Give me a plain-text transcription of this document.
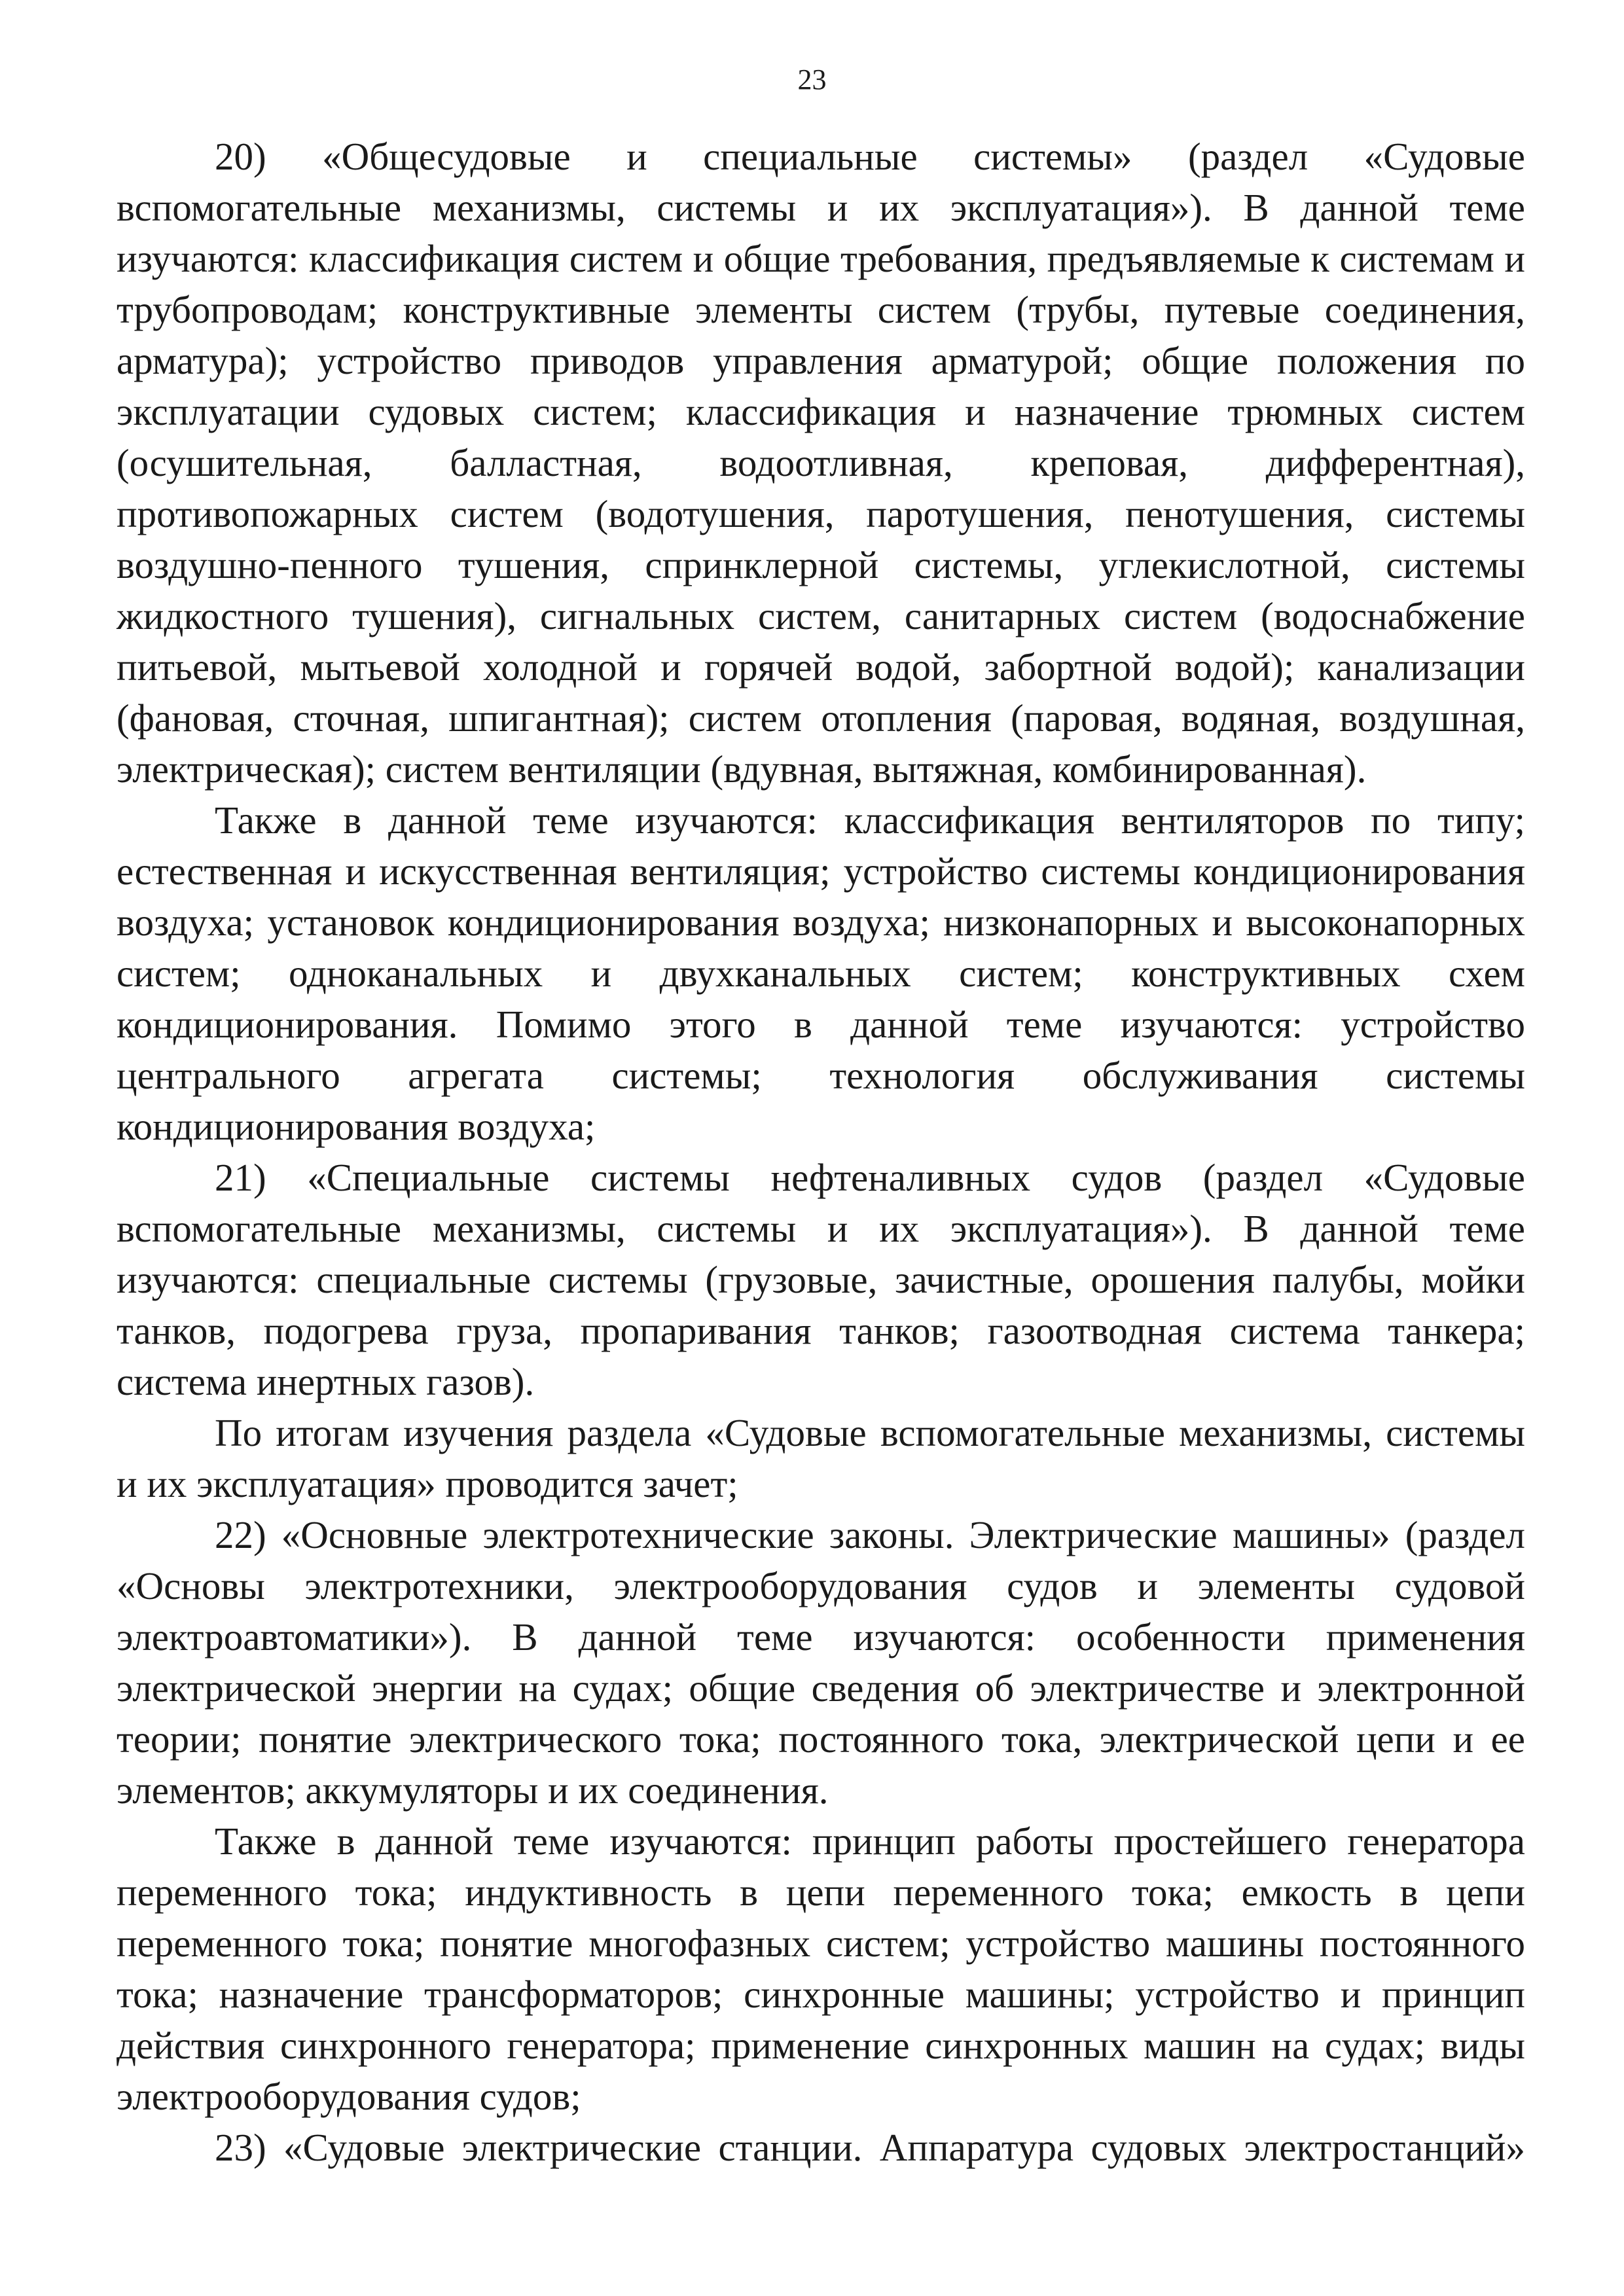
23

20) «Общесудовые и специальные системы» (раздел «Судовые вспомогательные механизмы, системы и их эксплуатация»). В данной теме изучаются: классификация систем и общие требования, предъявляемые к системам и трубопроводам; конструктивные элементы систем (трубы, путевые соединения, арматура); устройство приводов управления арматурой; общие положения по эксплуатации судовых систем; классификация и назначение трюмных систем (осушительная, балластная, водоотливная, креповая, дифферентная), противопожарных систем (водотушения, паротушения, пенотушения, системы воздушно-пенного тушения, спринклерной системы, углекислотной, системы жидкостного тушения), сигнальных систем, санитарных систем (водоснабжение питьевой, мытьевой холодной и горячей водой, забортной водой); канализации (фановая, сточная, шпигантная); систем отопления (паровая, водяная, воздушная, электрическая); систем вентиляции (вдувная, вытяжная, комбинированная).

Также в данной теме изучаются: классификация вентиляторов по типу; естественная и искусственная вентиляция; устройство системы кондиционирования воздуха; установок кондиционирования воздуха; низконапорных и высоконапорных систем; одноканальных и двухканальных систем; конструктивных схем кондиционирования. Помимо этого в данной теме изучаются: устройство центрального агрегата системы; технология обслуживания системы кондиционирования воздуха;

21) «Специальные системы нефтеналивных судов (раздел «Судовые вспомогательные механизмы, системы и их эксплуатация»). В данной теме изучаются: специальные системы (грузовые, зачистные, орошения палубы, мойки танков, подогрева груза, пропаривания танков; газоотводная система танкера; система инертных газов).

По итогам изучения раздела «Судовые вспомогательные механизмы, системы и их эксплуатация» проводится зачет;

22) «Основные электротехнические законы. Электрические машины» (раздел «Основы электротехники, электрооборудования судов и элементы судовой электроавтоматики»). В данной теме изучаются: особенности применения электрической энергии на судах; общие сведения об электричестве и электронной теории; понятие электрического тока; постоянного тока, электрической цепи и ее элементов; аккумуляторы и их соединения.

Также в данной теме изучаются: принцип работы простейшего генератора переменного тока; индуктивность в цепи переменного тока; емкость в цепи переменного тока; понятие многофазных систем; устройство машины постоянного тока; назначение трансформаторов; синхронные машины; устройство и принцип действия синхронного генератора; применение синхронных машин на судах; виды электрооборудования судов;

23) «Судовые электрические станции. Аппаратура судовых электростанций»
